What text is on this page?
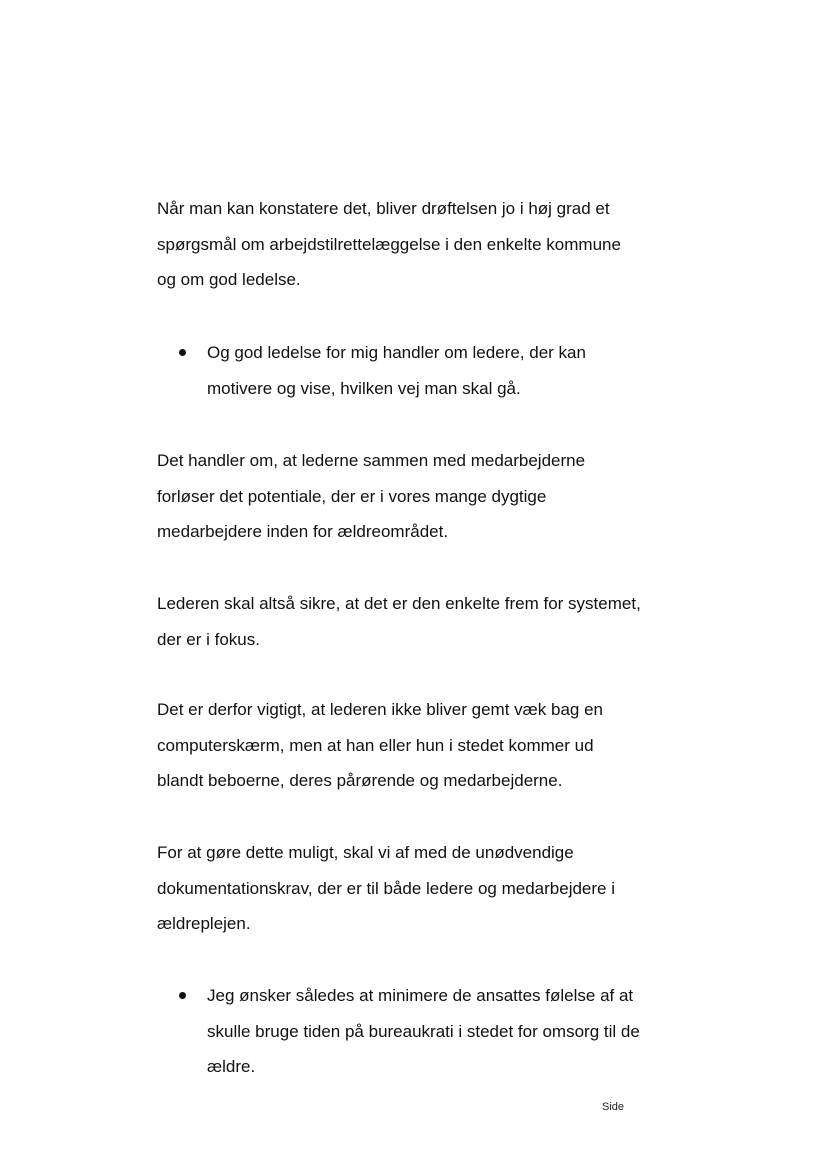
Når man kan konstatere det, bliver drøftelsen jo i høj grad et
spørgsmål om arbejdstilrettelæggelse i den enkelte kommune
og om god ledelse.

Og god ledelse for mig handler om ledere, der kan
motivere og vise, hvilken vej man skal gå.

Det handler om, at lederne sammen med medarbejderne
forløser det potentiale, der er i vores mange dygtige
medarbejdere inden for ældreområdet.

Lederen skal altså sikre, at det er den enkelte frem for systemet,
der er i fokus.

Det er derfor vigtigt, at lederen ikke bliver gemt væk bag en
computerskærm, men at han eller hun i stedet kommer ud
blandt beboerne, deres pårørende og medarbejderne.

For at gøre dette muligt, skal vi af med de unødvendige
dokumentationskrav, der er til både ledere og medarbejdere i
ældreplejen.

Jeg ønsker således at minimere de ansattes følelse af at
skulle bruge tiden på bureaukrati i stedet for omsorg til de
ældre.
Side
